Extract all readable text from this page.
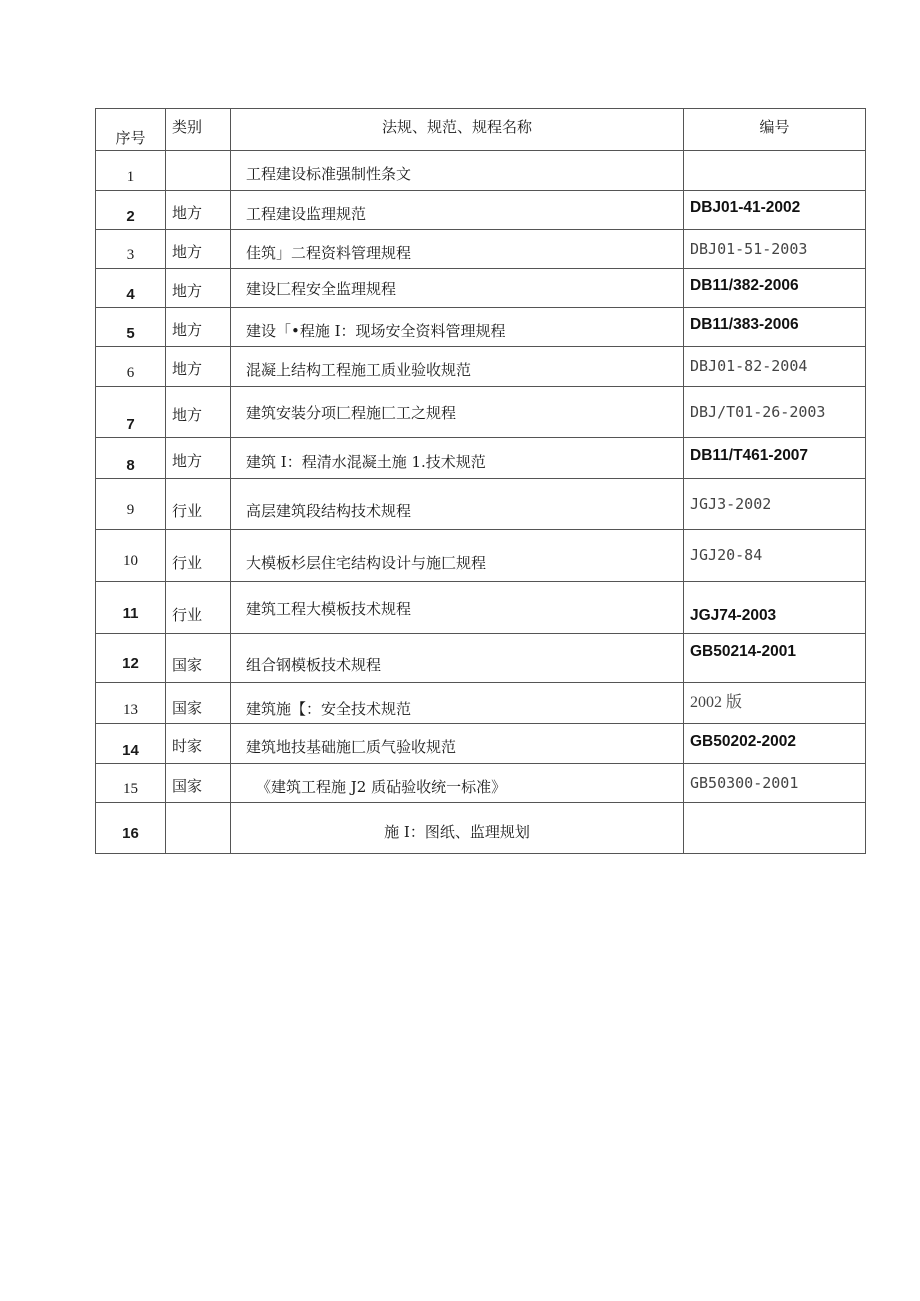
序号	类别	法规、规范、规程名称	编号

1		工程建设标准强制性条文	

2	地方	工程建设监理规范	DBJ01-41-2002

3	地方	佳筑」二程资料管理规程	DBJ01-51-2003

4	地方	建设匚程安全监理规程	DB11/382-2006

5	地方	建设「•程施 I：现场安全资料管理规程	DB11/383-2006

6	地方	混凝上结构工程施工质业验收规范	DBJ01-82-2004

7	地方	建筑安装分项匚程施匚工之规程	DBJ/T01-26-2003

8	地方	建筑 I：程清水混凝土施 1.技术规范	DB11/T461-2007

9	行业	高层建筑段结构技术规程	JGJ3-2002

10	行业	大模板杉层住宅结构设计与施匚规程	JGJ20-84

11	行业	建筑工程大模板技术规程	JGJ74-2003

12	国家	组合钢模板技术规程	GB50214-2001

13	国家	建筑施【：安全技术规范	2002 版

14	时家	建筑地技基础施匚质气验收规范	GB50202-2002

15	国家	《建筑工程施 J2 质砧验收统一标准》	GB50300-2001

16		施 I：图纸、监理规划	
